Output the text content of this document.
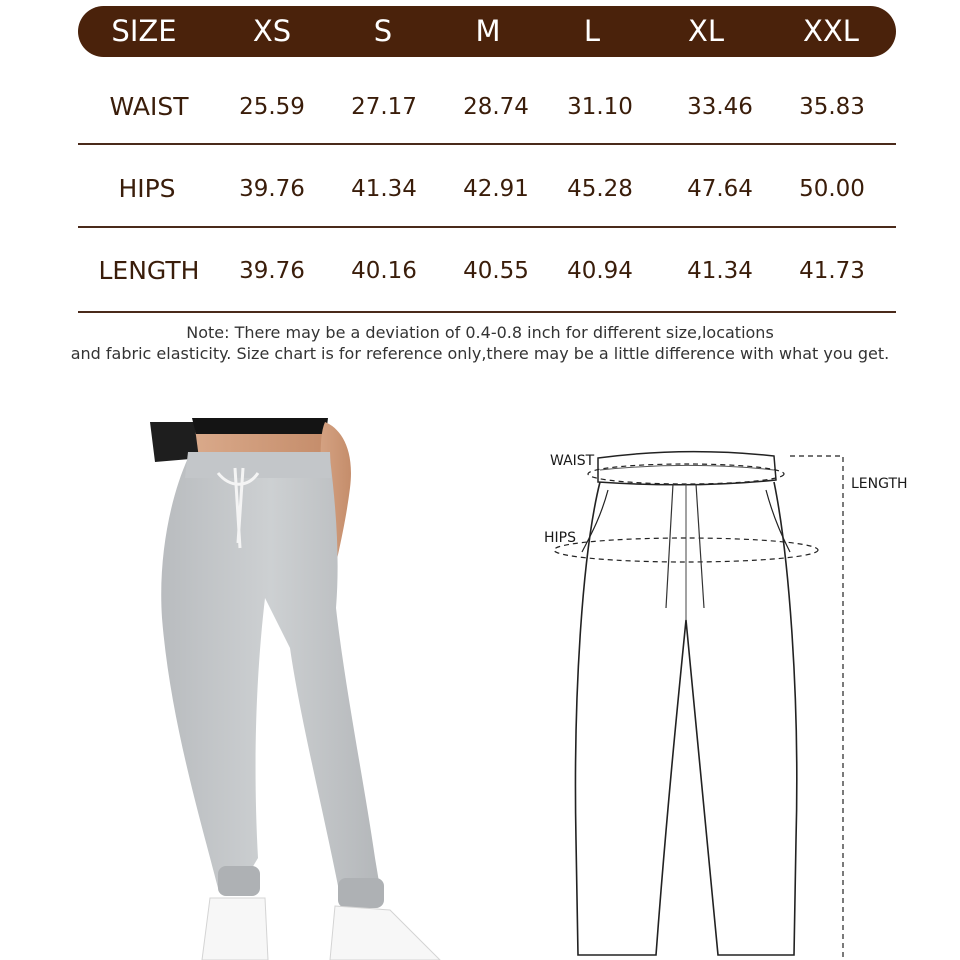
SIZE	XS	S	M	L	XL	XXL
WAIST 25.59 27.17 28.74 31.10 33.46 35.83
HIPS	39.76 41.34 42.91 45.28 47.64 50.00
LENGTH 39.76 40.16 40.55 40.94 41.34 41.73
Note: There may be a deviation of 0.4-0.8 inch for different size,locations
and fabric elasticity. Size chart is for reference only,there may be a little difference with what you get.
WAIST
HIPS
LENGTH
